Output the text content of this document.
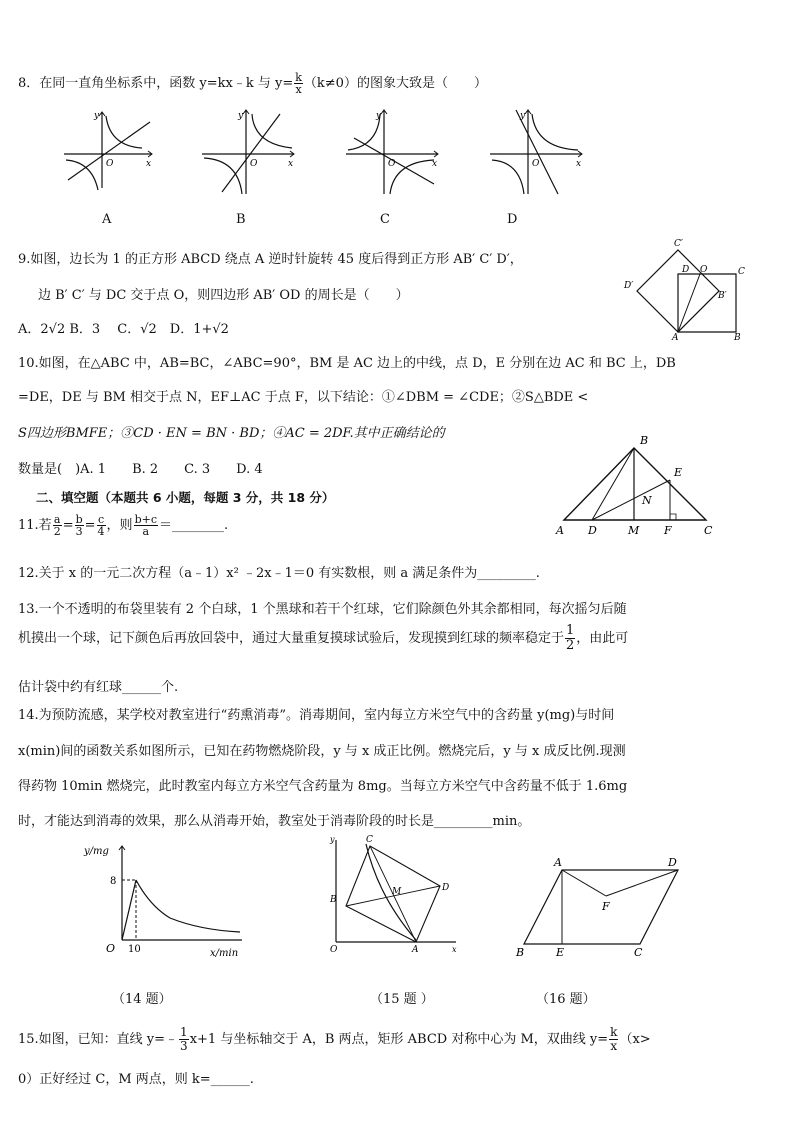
8．在同一直角坐标系中，函数 y=kx﹣k 与 $y= \frac{k}{x} (k\ne 0)$的图象大致是（　　）
y
O	x
y
O	x
y
O	x
y
O	x
A	B	C	D
9.如图，边长为 1 的正方形 ABCD 绕点 A 逆时针旋转 45 度后得到正方形 AB′ C′ D′，
边 B′ C′ 与 DC 交于点 O，则四边形 AB′ OD 的周长是（　　）
A．2√2 B．3　 C．√2　D．1+√2
C′
D′
D O	C
B′
A	B
10.如图，在△ABC 中，AB=BC，∠ABC=90°，BM 是 AC 边上的中线，点 D，E 分别在边 AC 和 BC 上，DB
=DE，DE 与 BM 相交于点 N，EF⊥AC 于点 F，以下结论：①∠DBM = ∠CDE；②S△BDE <
S四边形BMFE；③CD · EN = BN · BD；④AC = 2DF.其中正确结论的
数量是(　)A. 1　　B. 2　　C. 3　　D. 4
B
E
N
A D	M F	C
二、填空题（本题共 6 小题，每题 3 分，共 18 分）
11.若 $\frac{a}{2} = \frac{b}{3} = \frac{c}{4}$ ，则 $\frac{b+c}{a}$ ＝________.
12.关于 x 的一元二次方程（a﹣1）x² ﹣2x﹣1＝0 有实数根，则 a 满足条件为_________.
13.一个不透明的布袋里装有 2 个白球，1 个黑球和若干个红球，它们除颜色外其余都相同，每次摇匀后随
机摸出一个球，记下颜色后再放回袋中，通过大量重复摸球试验后，发现摸到红球的频率稳定于 $\frac{1}{2}$ ，由此可
估计袋中约有红球______个.
14.为预防流感，某学校对教室进行“药熏消毒”。消毒期间，室内每立方米空气中的含药量 y(mg)与时间
x(min)间的函数关系如图所示，已知在药物燃烧阶段，y 与 x 成正比例。燃烧完后，y 与 x 成反比例.现测
得药物 10min 燃烧完，此时教室内每立方米空气含药量为 8mg。当每立方米空气中含药量不低于 1.6mg
时，才能达到消毒的效果，那么从消毒开始，教室处于消毒阶段的时长是_________min。
y/mg
8
O 10	x/min
（14 题）
C
B
M	D
O	A	x
y
（15 题 ）
A	D
F
B	E	C
（16 题）
15.如图，已知：直线 y=﹣ $\frac{1}{3} x+1$ 与坐标轴交于 A，B 两点，矩形 ABCD 对称中心为 M，双曲线 $y= \frac{k}{x} (x>$
0）正好经过 C，M 两点，则 k=______.
